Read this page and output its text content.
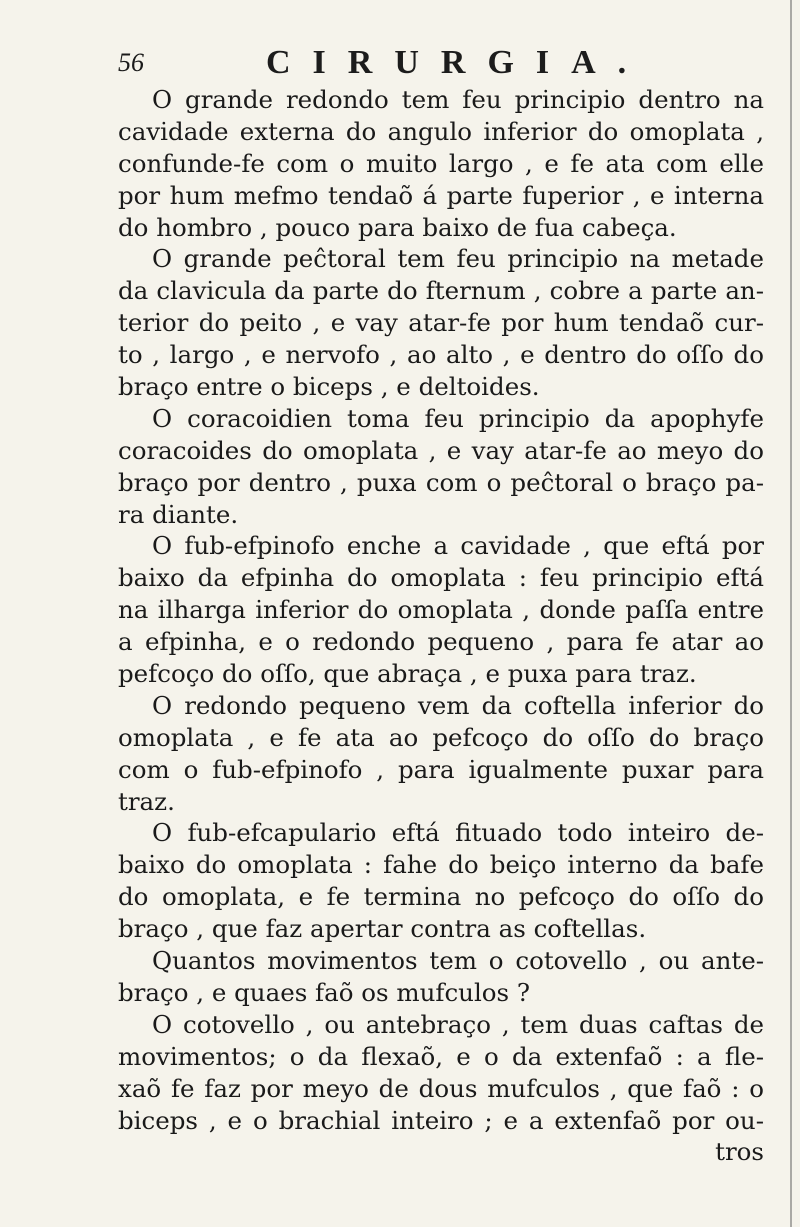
56	CIRURGIA.
O grande redondo tem feu principio dentro na
cavidade externa do angulo inferior do omoplata ,
confunde-fe com o muito largo , e fe ata com elle
por hum mefmo tendaõ á parte fuperior , e interna
do hombro , pouco para baixo de fua cabeça.
O grande peĉtoral tem feu principio na metade
da clavicula da parte do fternum , cobre a parte an-
terior do peito , e vay atar-fe por hum tendaõ cur-
to , largo , e nervofo , ao alto , e dentro do oſſo do
braço entre o biceps , e deltoides.
O coracoidien toma feu principio da apophyfe
coracoides do omoplata , e vay atar-fe ao meyo do
braço por dentro , puxa com o peĉtoral o braço pa-
ra diante.
O fub-efpinofo enche a cavidade , que eftá por
baixo da efpinha do omoplata : feu principio eftá
na ilharga inferior do omoplata , donde paſſa entre
a efpinha, e o redondo pequeno , para fe atar ao
pefcoço do oſſo, que abraça , e puxa para traz.
O redondo pequeno vem da coftella inferior do
omoplata , e fe ata ao pefcoço do oſſo do braço
com o fub-efpinofo , para igualmente puxar para
traz.
O fub-efcapulario eftá fituado todo inteiro de-
baixo do omoplata : fahe do beiço interno da bafe
do omoplata, e fe termina no pefcoço do oſſo do
braço , que faz apertar contra as coftellas.
Quantos movimentos tem o cotovello , ou ante-
braço , e quaes faõ os mufculos ?
O cotovello , ou antebraço , tem duas caftas de
movimentos; o da flexaõ, e o da extenfaõ : a fle-
xaõ fe faz por meyo de dous mufculos , que faõ : o
biceps , e o brachial inteiro ; e a extenfaõ por ou-
tros
